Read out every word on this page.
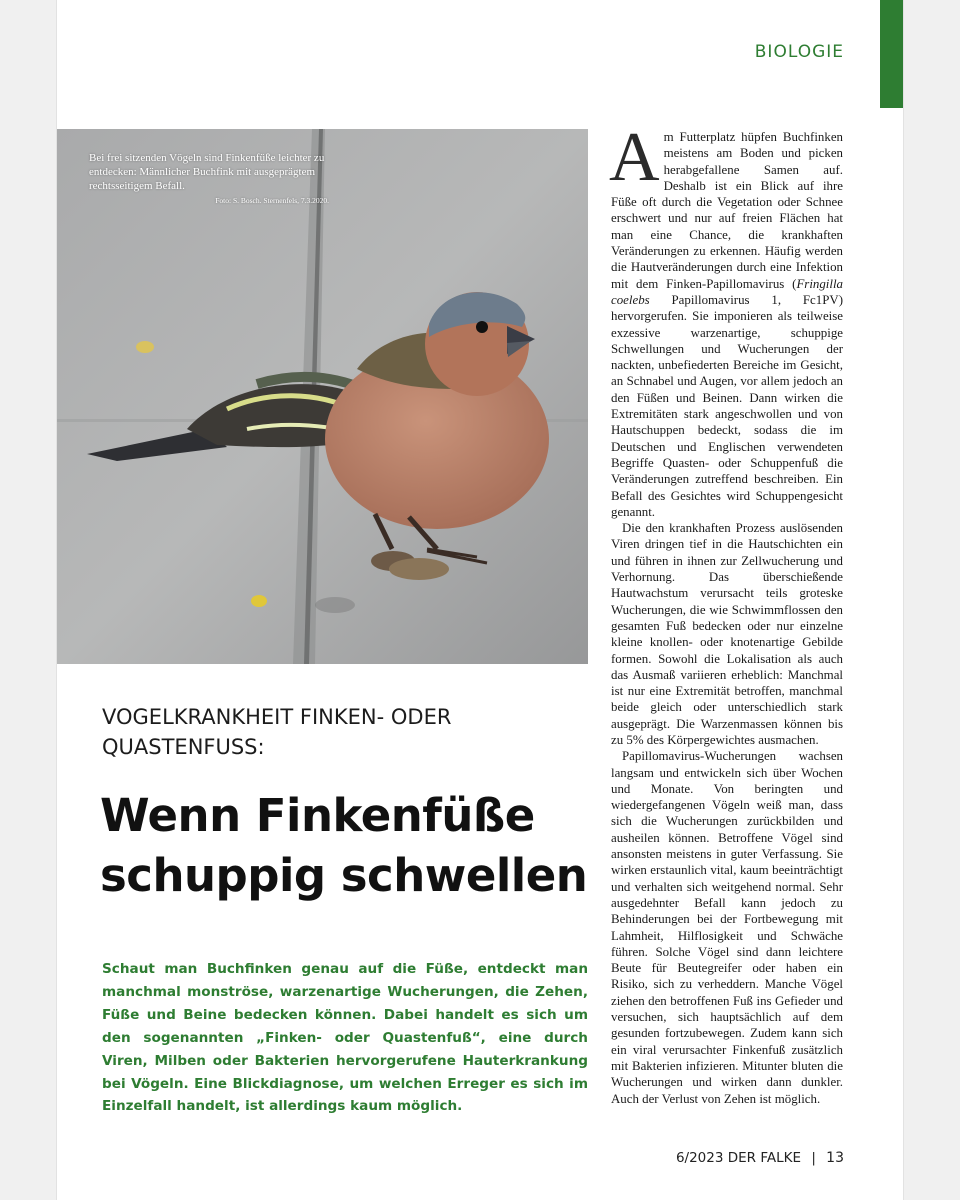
BIOLOGIE
Bei frei sitzenden Vögeln sind Finkenfüße leichter zu entdecken: Männlicher Buchfink mit ausgeprägtem rechtsseitigem Befall.
Foto: S. Bosch. Sternenfels, 7.3.2020.
VOGELKRANKHEIT FINKEN- ODER QUASTENFUSS:
Wenn Finkenfüße
schuppig schwellen

Schaut man Buchfinken genau auf die Füße, entdeckt man manchmal monströse, warzenartige Wucherungen, die Zehen, Füße und Beine bedecken können. Dabei handelt es sich um den sogenannten „Finken- oder Quastenfuß“, eine durch Viren, Milben oder Bakterien hervorgerufene Hauterkrankung bei Vögeln. Eine Blickdiagnose, um welchen Erreger es sich im Einzelfall handelt, ist allerdings kaum möglich.

Am Futterplatz hüpfen Buchfinken meistens am Boden und picken herabgefallene Samen auf. Deshalb ist ein Blick auf ihre Füße oft durch die Vegetation oder Schnee erschwert und nur auf freien Flächen hat man eine Chance, die krankhaften Veränderungen zu erkennen. Häufig werden die Hautveränderungen durch eine Infektion mit dem Finken-Papillomavirus (Fringilla coelebs Papillomavirus 1, Fc1PV) hervorgerufen. Sie imponieren als teilweise exzessive warzenartige, schuppige Schwellungen und Wucherungen der nackten, unbefiederten Bereiche im Gesicht, an Schnabel und Augen, vor allem jedoch an den Füßen und Beinen. Dann wirken die Extremitäten stark angeschwollen und von Hautschuppen bedeckt, sodass die im Deutschen und Englischen verwendeten Begriffe Quasten- oder Schuppenfuß die Veränderungen zutreffend beschreiben. Ein Befall des Gesichtes wird Schuppengesicht genannt.

Die den krankhaften Prozess auslösenden Viren dringen tief in die Hautschichten ein und führen in ihnen zur Zellwucherung und Verhornung. Das überschießende Hautwachstum verursacht teils groteske Wucherungen, die wie Schwimmflossen den gesamten Fuß bedecken oder nur einzelne kleine knollen- oder knotenartige Gebilde formen. Sowohl die Lokalisation als auch das Ausmaß variieren erheblich: Manchmal ist nur eine Extremität betroffen, manchmal beide gleich oder unterschiedlich stark ausgeprägt. Die Warzenmassen können bis zu 5% des Körpergewichtes ausmachen.

Papillomavirus-Wucherungen wachsen langsam und entwickeln sich über Wochen und Monate. Von beringten und wiedergefangenen Vögeln weiß man, dass sich die Wucherungen zurückbilden und ausheilen können. Betroffene Vögel sind ansonsten meistens in guter Verfassung. Sie wirken erstaunlich vital, kaum beeinträchtigt und verhalten sich weitgehend normal. Sehr ausgedehnter Befall kann jedoch zu Behinderungen bei der Fortbewegung mit Lahmheit, Hilflosigkeit und Schwäche führen. Solche Vögel sind dann leichtere Beute für Beutegreifer oder haben ein Risiko, sich zu verheddern. Manche Vögel ziehen den betroffenen Fuß ins Gefieder und versuchen, sich hauptsächlich auf dem gesunden fortzubewegen. Zudem kann sich ein viral verursachter Finkenfuß zusätzlich mit Bakterien infizieren. Mitunter bluten die Wucherungen und wirken dann dunkler. Auch der Verlust von Zehen ist möglich.

6/2023 DER FALKE | 13
